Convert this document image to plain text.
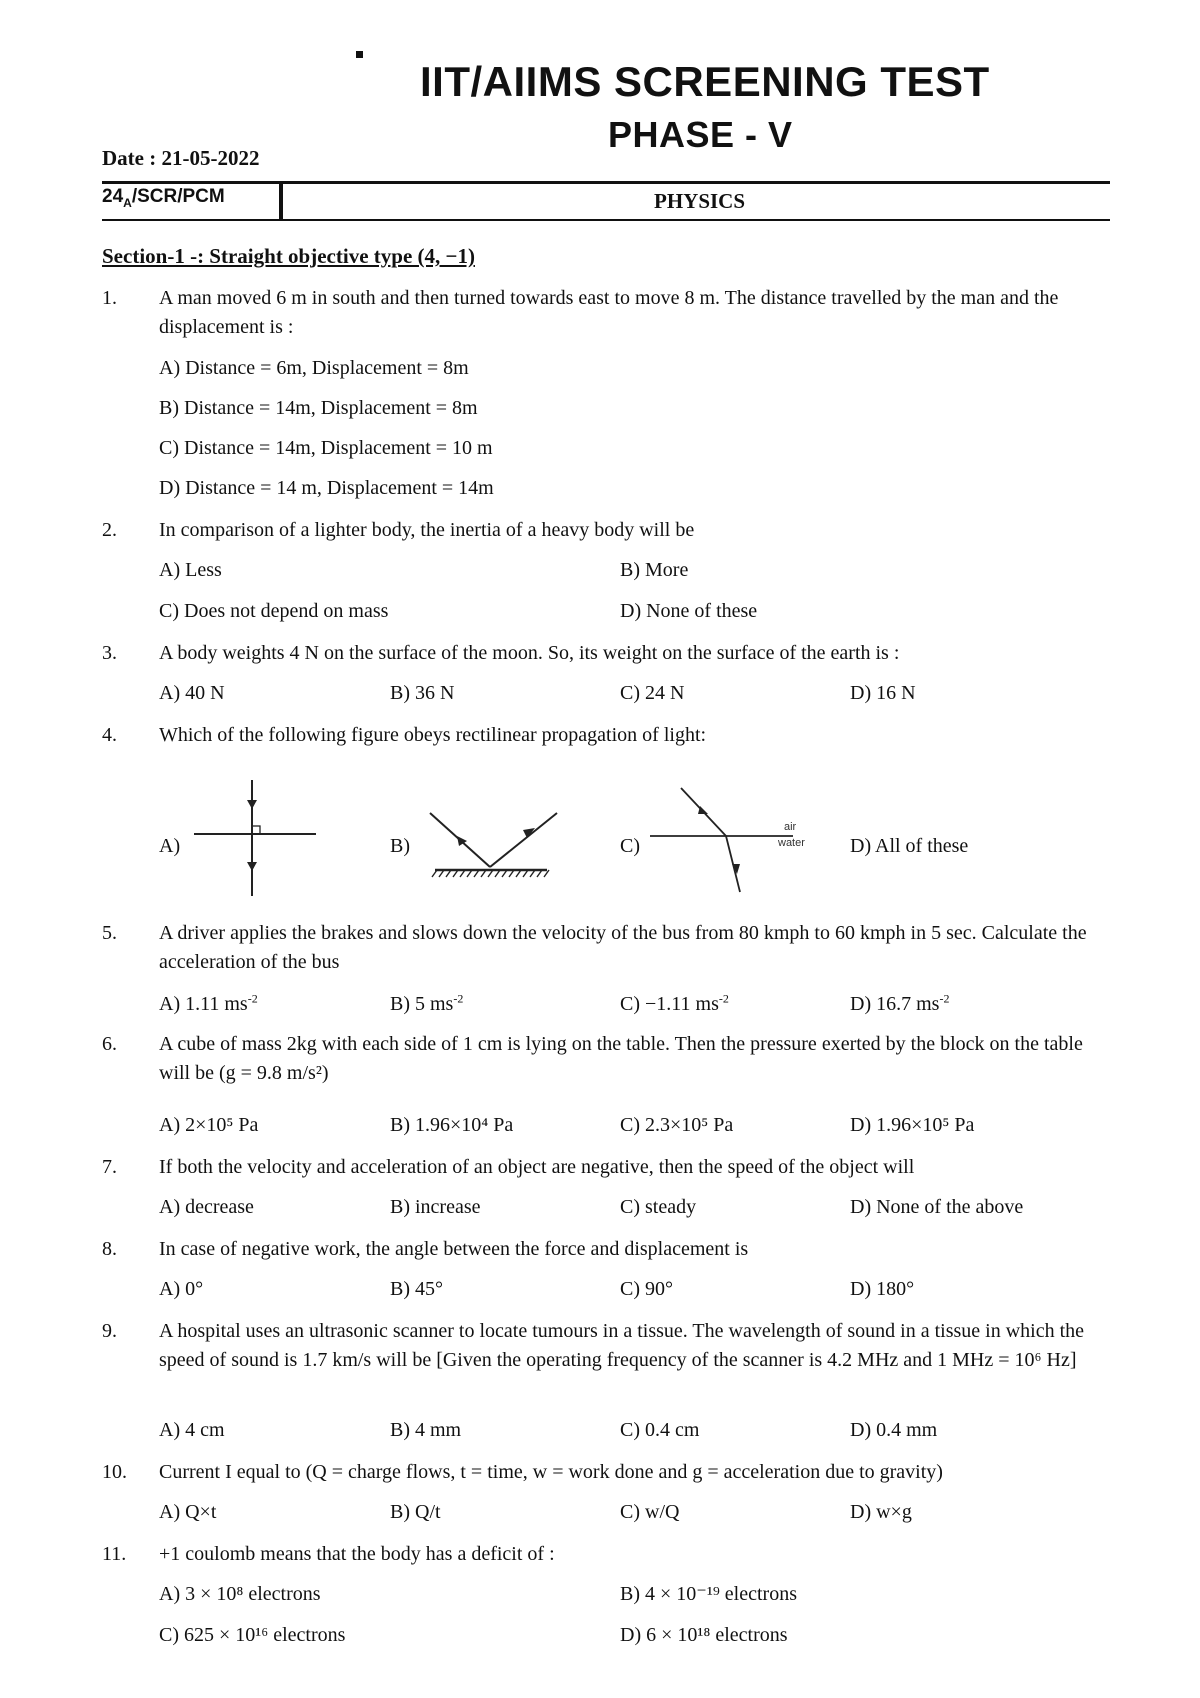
IIT/AIIMS SCREENING TEST
PHASE - V
Date : 21-05-2022
$24_A/SCR$/PCM	PHYSICS
Section-1 -: Straight objective type (4, −1)
1. A man moved 6 m in south and then turned towards east to move 8 m. The distance travelled by the man and the displacement is :
A) Distance = 6m, Displacement = 8m
B) Distance = 14m, Displacement = 8m
C) Distance = 14m, Displacement = 10 m
D) Distance = 14 m, Displacement = 14m
2. In comparison of a lighter body, the inertia of a heavy body will be
A) Less	B) More
C) Does not depend on mass	D) None of these
3. A body weights 4 N on the surface of the moon. So, its weight on the surface of the earth is :
A) 40 N	B) 36 N	C) 24 N	D) 16 N
4. Which of the following figure obeys rectilinear propagation of light:
A)	B)	C)	D) All of these
air
water
5. A driver applies the brakes and slows down the velocity of the bus from 80 kmph to 60 kmph in 5 sec. Calculate the acceleration of the bus
A) 1.11 $ms^{-2}$	B) 5 $ms^{-2}$	C) −1.11 $ms^{-2}$	D) 16.7 $ms^{-2}$
6. A cube of mass 2kg with each side of 1 cm is lying on the table. Then the pressure exerted by the block on the table will be (g = 9.8 m/s²)
A) 2×10⁵ Pa	B) 1.96×10⁴ Pa	C) 2.3×10⁵ Pa	D) 1.96×10⁵ Pa
7. If both the velocity and acceleration of an object are negative, then the speed of the object will
A) decrease	B) increase	C) steady	D) None of the above
8. In case of negative work, the angle between the force and displacement is
A) 0°	B) 45°	C) 90°	D) 180°
9. A hospital uses an ultrasonic scanner to locate tumours in a tissue. The wavelength of sound in a tissue in which the speed of sound is 1.7 km/s will be [Given the operating frequency of the scanner is 4.2 MHz and 1 MHz = 10⁶ Hz]
A) 4 cm	B) 4 mm	C) 0.4 cm	D) 0.4 mm
10. Current I equal to (Q = charge flows, t = time, w = work done and g = acceleration due to gravity)
A) Q×t	B) Q/t	C) w/Q	D) w×g
11. +1 coulomb means that the body has a deficit of :
A) 3 × 10⁸ electrons	B) 4 × 10⁻¹⁹ electrons
C) 625 × 10¹⁶ electrons	D) 6 × 10¹⁸ electrons
